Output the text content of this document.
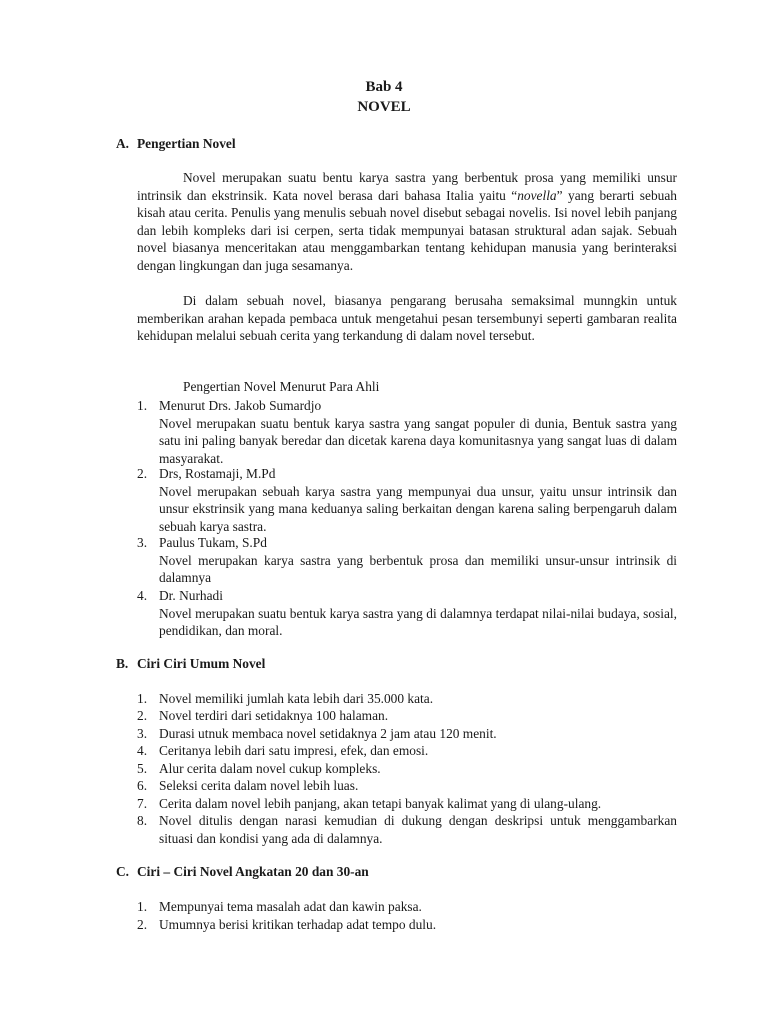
Bab 4
NOVEL
A. Pengertian Novel

Novel merupakan suatu bentu karya sastra yang berbentuk prosa yang memiliki unsur intrinsik dan ekstrinsik. Kata novel berasa dari bahasa Italia yaitu “novella” yang berarti sebuah kisah atau cerita. Penulis yang menulis sebuah novel disebut sebagai novelis. Isi novel lebih panjang dan lebih kompleks dari isi cerpen, serta tidak mempunyai batasan struktural adan sajak. Sebuah novel biasanya menceritakan atau menggambarkan tentang kehidupan manusia yang berinteraksi dengan lingkungan dan juga sesamanya.

Di dalam sebuah novel, biasanya pengarang berusaha semaksimal munngkin untuk memberikan arahan kepada pembaca untuk mengetahui pesan tersembunyi seperti gambaran realita kehidupan melalui sebuah cerita yang terkandung di dalam novel tersebut.

Pengertian Novel Menurut Para Ahli
1. Menurut Drs. Jakob Sumardjo
Novel merupakan suatu bentuk karya sastra yang sangat populer di dunia, Bentuk sastra yang satu ini paling banyak beredar dan dicetak karena daya komunitasnya yang sangat luas di dalam masyarakat.
2. Drs, Rostamaji, M.Pd
Novel merupakan sebuah karya sastra yang mempunyai dua unsur, yaitu unsur intrinsik dan unsur ekstrinsik yang mana keduanya saling berkaitan dengan karena saling berpengaruh dalam sebuah karya sastra.
3. Paulus Tukam, S.Pd
Novel merupakan karya sastra yang berbentuk prosa dan memiliki unsur-unsur intrinsik di dalamnya
4. Dr. Nurhadi
Novel merupakan suatu bentuk karya sastra yang di dalamnya terdapat nilai-nilai budaya, sosial, pendidikan, dan moral.
B. Ciri Ciri Umum Novel
1. Novel memiliki jumlah kata lebih dari 35.000 kata.
2. Novel terdiri dari setidaknya 100 halaman.
3. Durasi utnuk membaca novel setidaknya 2 jam atau 120 menit.
4. Ceritanya lebih dari satu impresi, efek, dan emosi.
5. Alur cerita dalam novel cukup kompleks.
6. Seleksi cerita dalam novel lebih luas.
7. Cerita dalam novel lebih panjang, akan tetapi banyak kalimat yang di ulang-ulang.
8. Novel ditulis dengan narasi kemudian di dukung dengan deskripsi untuk menggambarkan situasi dan kondisi yang ada di dalamnya.
C. Ciri – Ciri Novel Angkatan 20 dan 30-an
1. Mempunyai tema masalah adat dan kawin paksa.
2. Umumnya berisi kritikan terhadap adat tempo dulu.
